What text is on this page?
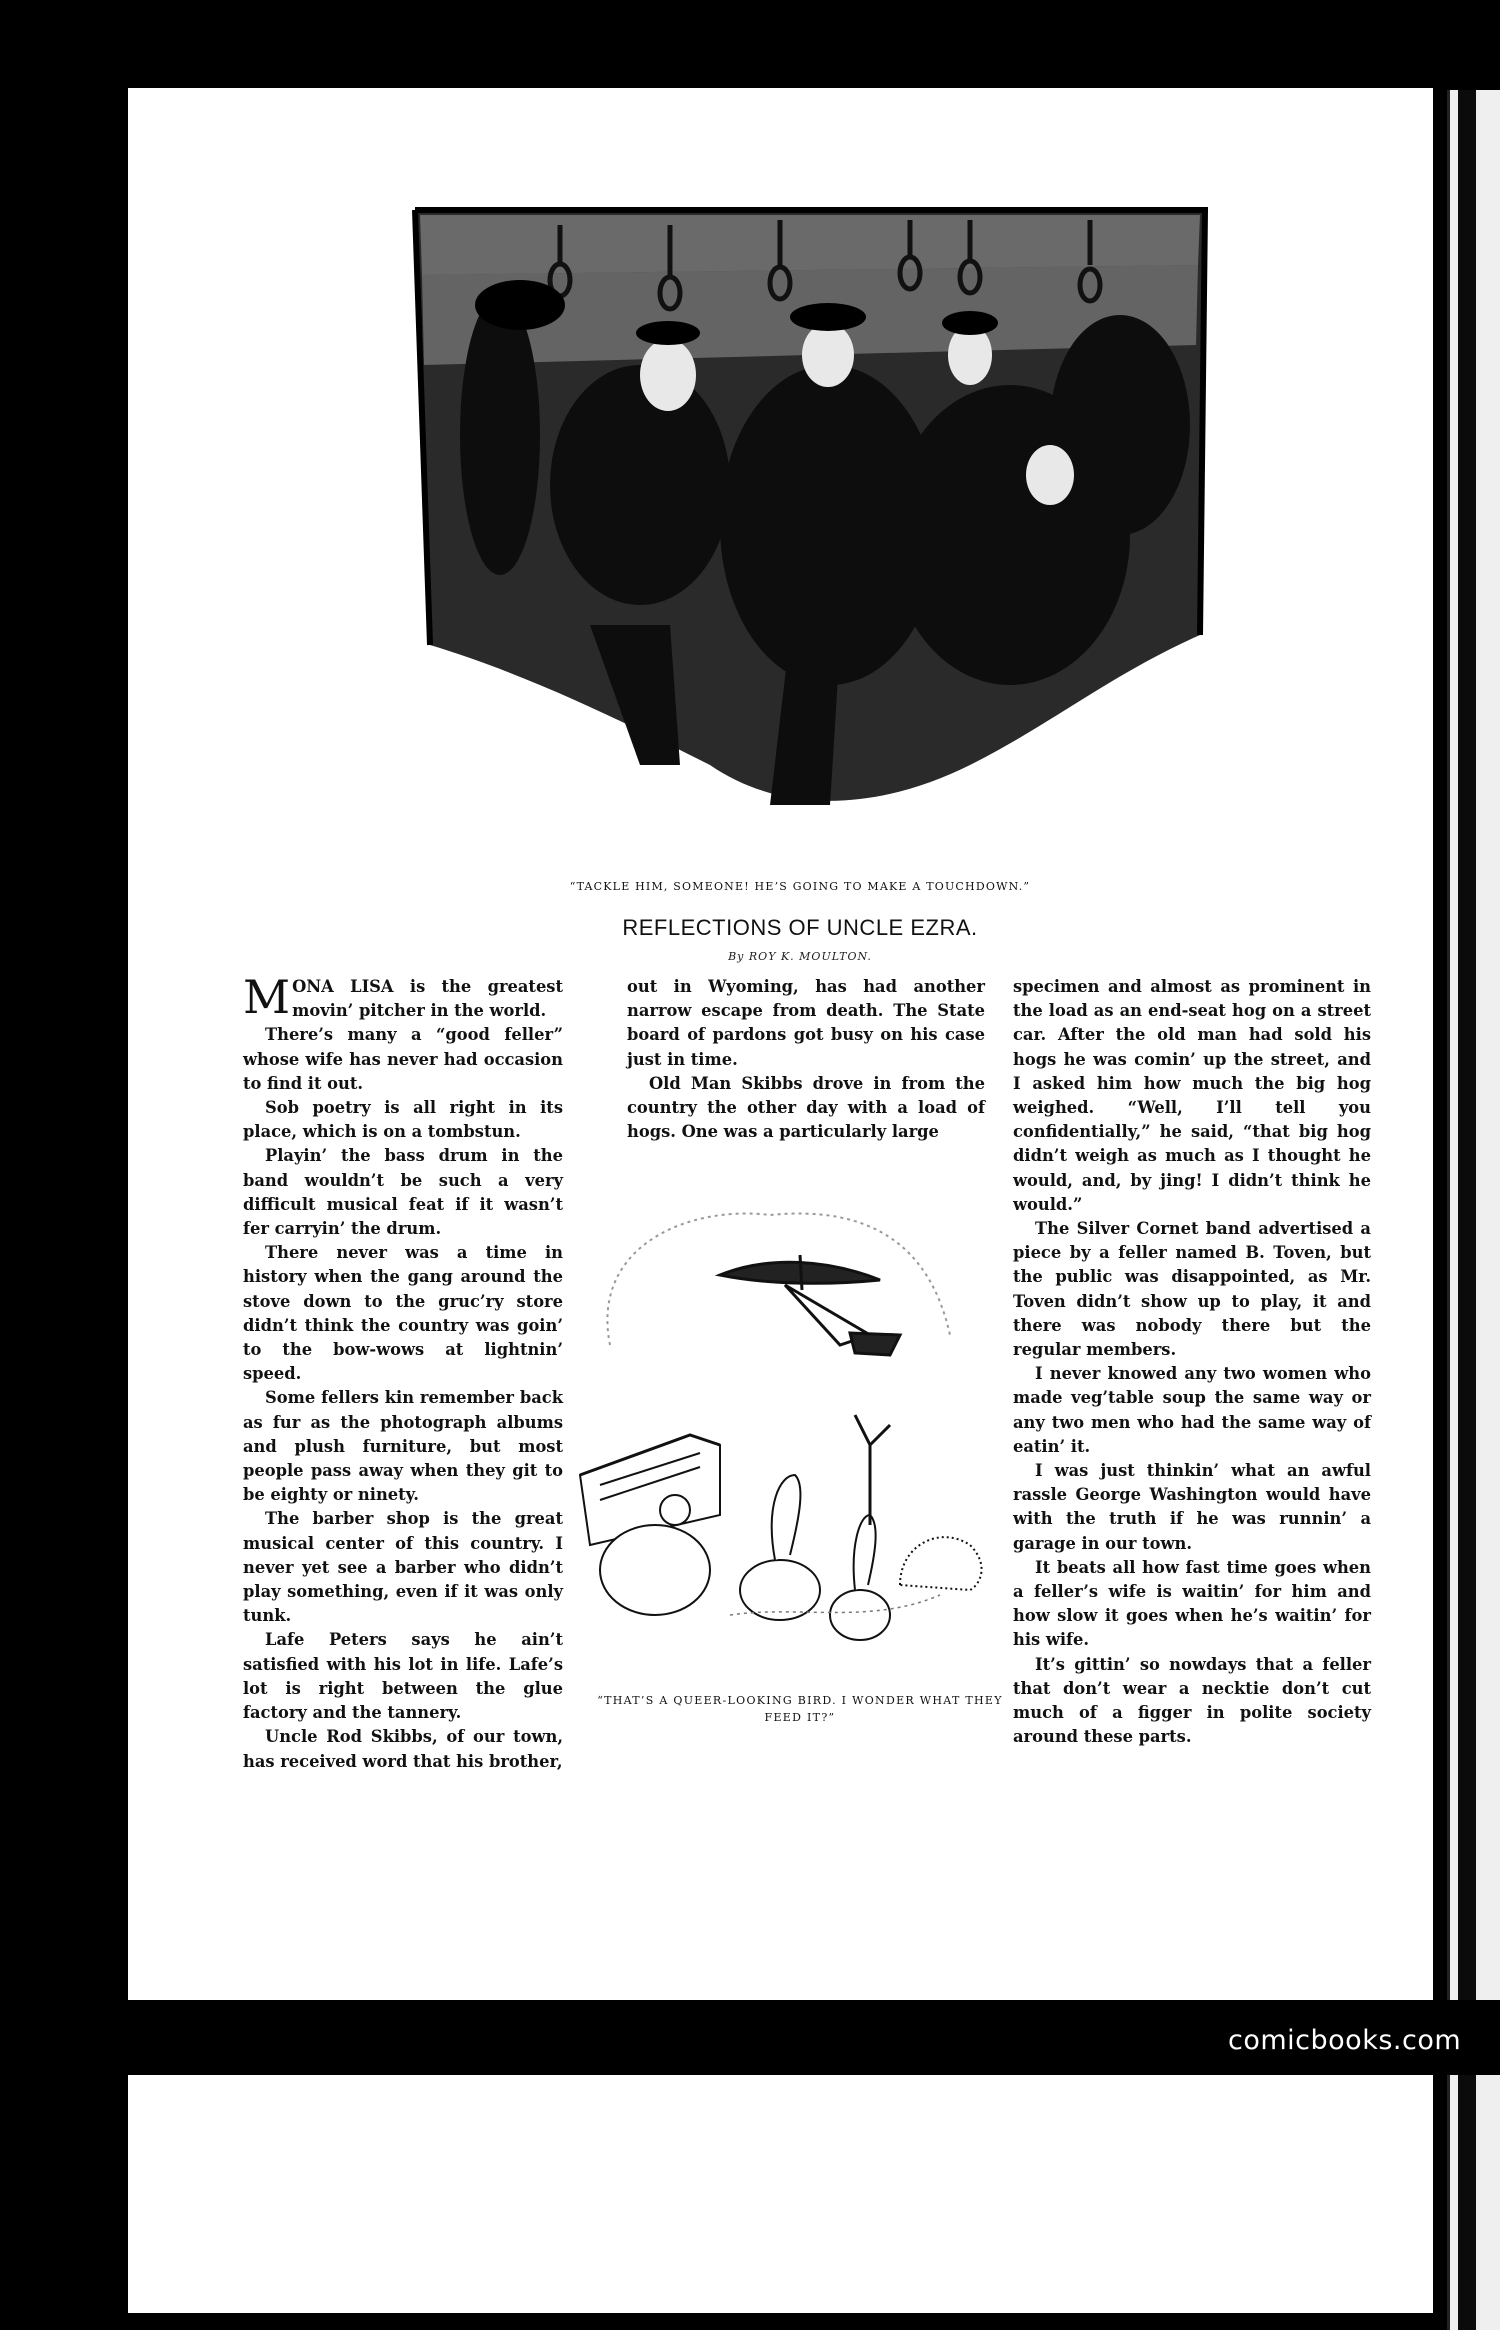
“TACKLE HIM, SOMEONE! HE’S GOING TO MAKE A TOUCHDOWN.”
REFLECTIONS OF UNCLE EZRA.
By ROY K. MOULTON.

MONA LISA is the greatest movin’ pitcher in the world.

There’s many a “good feller” whose wife has never had occasion to find it out.

Sob poetry is all right in its place, which is on a tombstun.

Playin’ the bass drum in the band wouldn’t be such a very difficult musical feat if it wasn’t fer carryin’ the drum.

There never was a time in history when the gang around the stove down to the gruc’ry store didn’t think the country was goin’ to the bow-wows at lightnin’ speed.

Some fellers kin remember back as fur as the photograph albums and plush furniture, but most people pass away when they git to be eighty or ninety.

The barber shop is the great musical center of this country. I never yet see a barber who didn’t play something, even if it was only tunk.

Lafe Peters says he ain’t satisfied with his lot in life. Lafe’s lot is right between the glue factory and the tannery.

Uncle Rod Skibbs, of our town, has received word that his brother,

out in Wyoming, has had another narrow escape from death. The State board of pardons got busy on his case just in time.

Old Man Skibbs drove in from the country the other day with a load of hogs. One was a particularly large

specimen and almost as prominent in the load as an end-seat hog on a street car. After the old man had sold his hogs he was comin’ up the street, and I asked him how much the big hog weighed. “Well, I’ll tell you confidentially,” he said, “that big hog didn’t weigh as much as I thought he would, and, by jing! I didn’t think he would.”

The Silver Cornet band advertised a piece by a feller named B. Toven, but the public was disappointed, as Mr. Toven didn’t show up to play, it and there was nobody there but the regular members.

I never knowed any two women who made veg’table soup the same way or any two men who had the same way of eatin’ it.

I was just thinkin’ what an awful rassle George Washington would have with the truth if he was runnin’ a garage in our town.

It beats all how fast time goes when a feller’s wife is waitin’ for him and how slow it goes when he’s waitin’ for his wife.

It’s gittin’ so nowdays that a feller that don’t wear a necktie don’t cut much of a figger in polite society around these parts.

“THAT’S A QUEER-LOOKING BIRD. I WONDER WHAT THEY FEED IT?”
comicbooks.com
